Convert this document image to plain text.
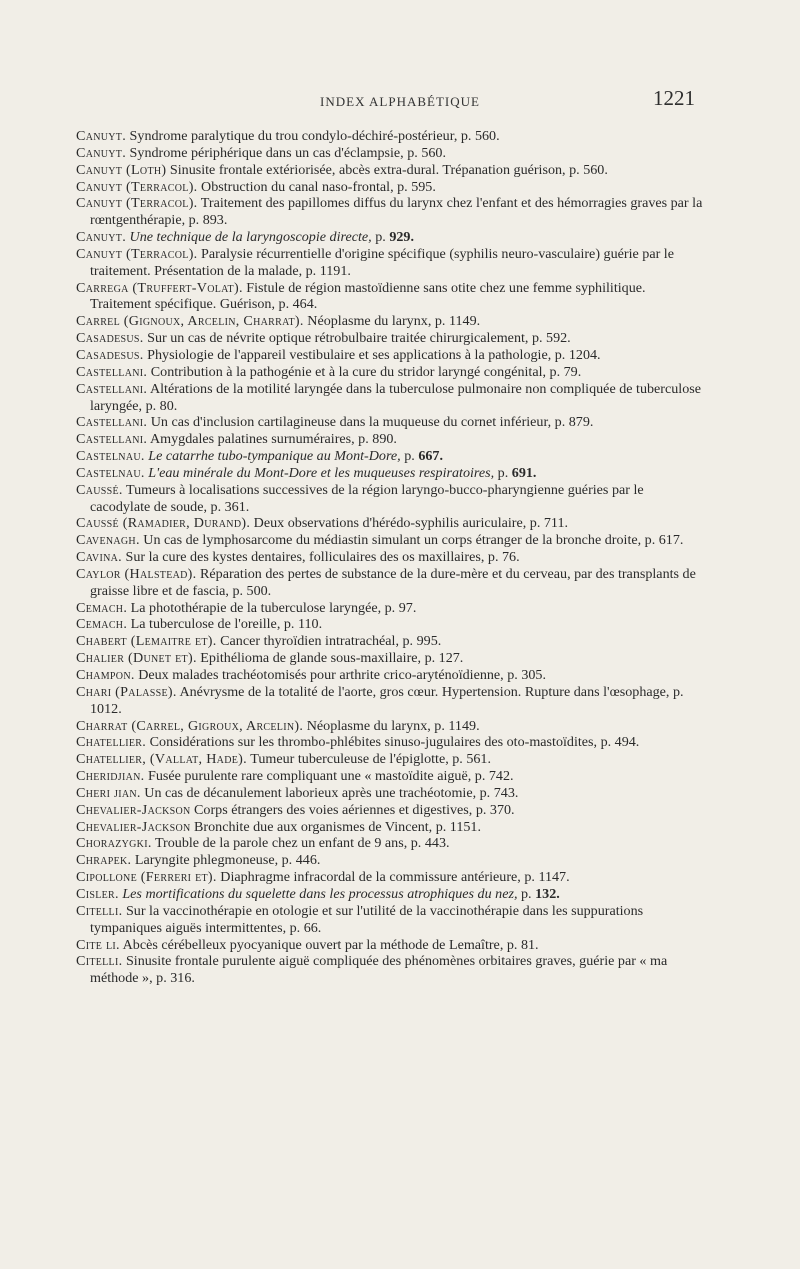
INDEX ALPHABÉTIQUE	1221

Canuyt. Syndrome paralytique du trou condylo-déchiré-postérieur, p. 560.

Canuyt. Syndrome périphérique dans un cas d'éclampsie, p. 560.

Canuyt (Loth) Sinusite frontale extériorisée, abcès extra-dural. Trépanation guérison, p. 560.

Canuyt (Terracol). Obstruction du canal naso-frontal, p. 595.

Canuyt (Terracol). Traitement des papillomes diffus du larynx chez l'enfant et des hémorragies graves par la rœntgenthérapie, p. 893.

Canuyt. Une technique de la laryngoscopie directe, p. 929.

Canuyt (Terracol). Paralysie récurrentielle d'origine spécifique (syphilis neuro-vasculaire) guérie par le traitement. Présentation de la malade, p. 1191.

Carrega (Truffert-Volat). Fistule de région mastoïdienne sans otite chez une femme syphilitique. Traitement spécifique. Guérison, p. 464.

Carrel (Gignoux, Arcelin, Charrat). Néoplasme du larynx, p. 1149.

Casadesus. Sur un cas de névrite optique rétrobulbaire traitée chirurgicalement, p. 592.

Casadesus. Physiologie de l'appareil vestibulaire et ses applications à la pathologie, p. 1204.

Castellani. Contribution à la pathogénie et à la cure du stridor laryngé congénital, p. 79.

Castellani. Altérations de la motilité laryngée dans la tuberculose pulmonaire non compliquée de tuberculose laryngée, p. 80.

Castellani. Un cas d'inclusion cartilagineuse dans la muqueuse du cornet inférieur, p. 879.

Castellani. Amygdales palatines surnuméraires, p. 890.

Castelnau. Le catarrhe tubo-tympanique au Mont-Dore, p. 667.

Castelnau. L'eau minérale du Mont-Dore et les muqueuses respiratoires, p. 691.

Caussé. Tumeurs à localisations successives de la région laryngo-bucco-pharyngienne guéries par le cacodylate de soude, p. 361.

Caussé (Ramadier, Durand). Deux observations d'hérédo-syphilis auriculaire, p. 711.

Cavenagh. Un cas de lymphosarcome du médiastin simulant un corps étranger de la bronche droite, p. 617.

Cavina. Sur la cure des kystes dentaires, folliculaires des os maxillaires, p. 76.

Caylor (Halstead). Réparation des pertes de substance de la dure-mère et du cerveau, par des transplants de graisse libre et de fascia, p. 500.

Cemach. La photothérapie de la tuberculose laryngée, p. 97.

Cemach. La tuberculose de l'oreille, p. 110.

Chabert (Lemaitre et). Cancer thyroïdien intratrachéal, p. 995.

Chalier (Dunet et). Epithélioma de glande sous-maxillaire, p. 127.

Champon. Deux malades trachéotomisés pour arthrite crico-aryténoïdienne, p. 305.

Chari (Palasse). Anévrysme de la totalité de l'aorte, gros cœur. Hypertension. Rupture dans l'œsophage, p. 1012.

Charrat (Carrel, Gigroux, Arcelin). Néoplasme du larynx, p. 1149.

Chatellier. Considérations sur les thrombo-phlébites sinuso-jugulaires des oto-mastoïdites, p. 494.

Chatellier, (Vallat, Hade). Tumeur tuberculeuse de l'épiglotte, p. 561.

Cheridjian. Fusée purulente rare compliquant une « mastoïdite aiguë, p. 742.

Cheri jian. Un cas de décanulement laborieux après une trachéotomie, p. 743.

Chevalier-Jackson Corps étrangers des voies aériennes et digestives, p. 370.

Chevalier-Jackson Bronchite due aux organismes de Vincent, p. 1151.

Chorazygki. Trouble de la parole chez un enfant de 9 ans, p. 443.

Chrapek. Laryngite phlegmoneuse, p. 446.

Cipollone (Ferreri et). Diaphragme infracordal de la commissure antérieure, p. 1147.

Cisler. Les mortifications du squelette dans les processus atrophiques du nez, p. 132.

Citelli. Sur la vaccinothérapie en otologie et sur l'utilité de la vaccinothérapie dans les suppurations tympaniques aiguës intermittentes, p. 66.

Cite li. Abcès cérébelleux pyocyanique ouvert par la méthode de Lemaître, p. 81.

Citelli. Sinusite frontale purulente aiguë compliquée des phénomènes orbitaires graves, guérie par « ma méthode », p. 316.
